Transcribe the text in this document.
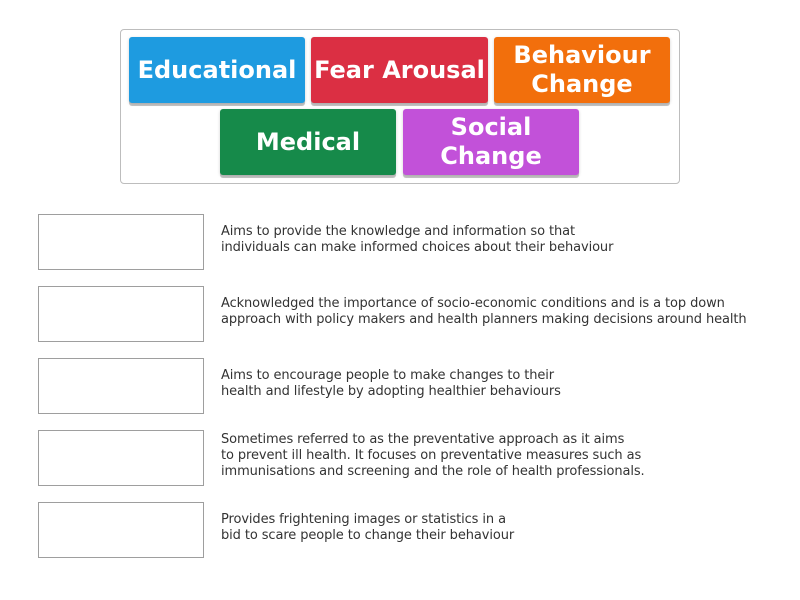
Educational Fear Arousal
Behaviour
Change
Medical
Social
Change
Aims to provide the knowledge and information so that
individuals can make informed choices about their behaviour
Acknowledged the importance of socio-economic conditions and is a top down
approach with policy makers and health planners making decisions around health
Aims to encourage people to make changes to their
health and lifestyle by adopting healthier behaviours
Sometimes referred to as the preventative approach as it aims
to prevent ill health. It focuses on preventative measures such as
immunisations and screening and the role of health professionals.
Provides frightening images or statistics in a
bid to scare people to change their behaviour
